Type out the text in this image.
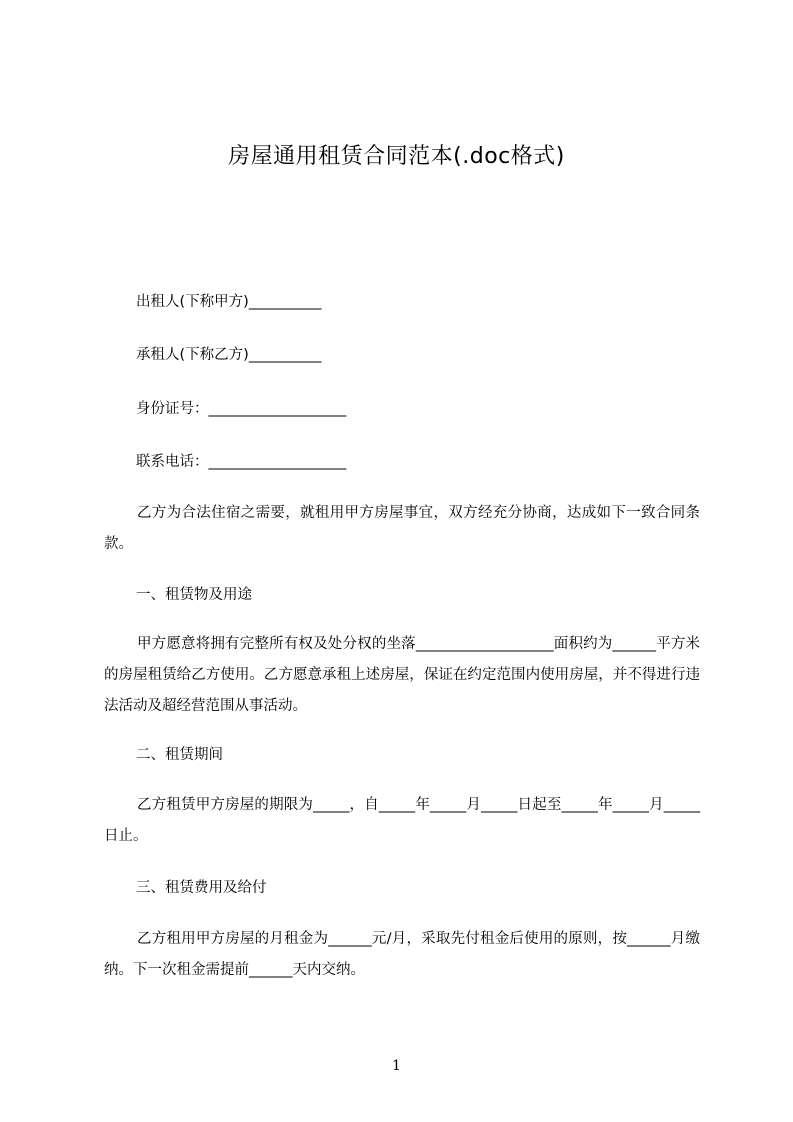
房屋通用租赁合同范本(.doc格式)
出租人(下称甲方)__________
承租人(下称乙方)__________
身份证号：___________________
联系电话：___________________

乙方为合法住宿之需要，就租用甲方房屋事宜，双方经充分协商，达成如下一致合同条款。

一、租赁物及用途

甲方愿意将拥有完整所有权及处分权的坐落___________________面积约为______平方米的房屋租赁给乙方使用。乙方愿意承租上述房屋，保证在约定范围内使用房屋，并不得进行违法活动及超经营范围从事活动。

二、租赁期间

乙方租赁甲方房屋的期限为_____，自_____年_____月_____日起至_____年_____月_____日止。

三、租赁费用及给付

乙方租用甲方房屋的月租金为______元/月，采取先付租金后使用的原则，按______月缴纳。下一次租金需提前______天内交纳。

1
